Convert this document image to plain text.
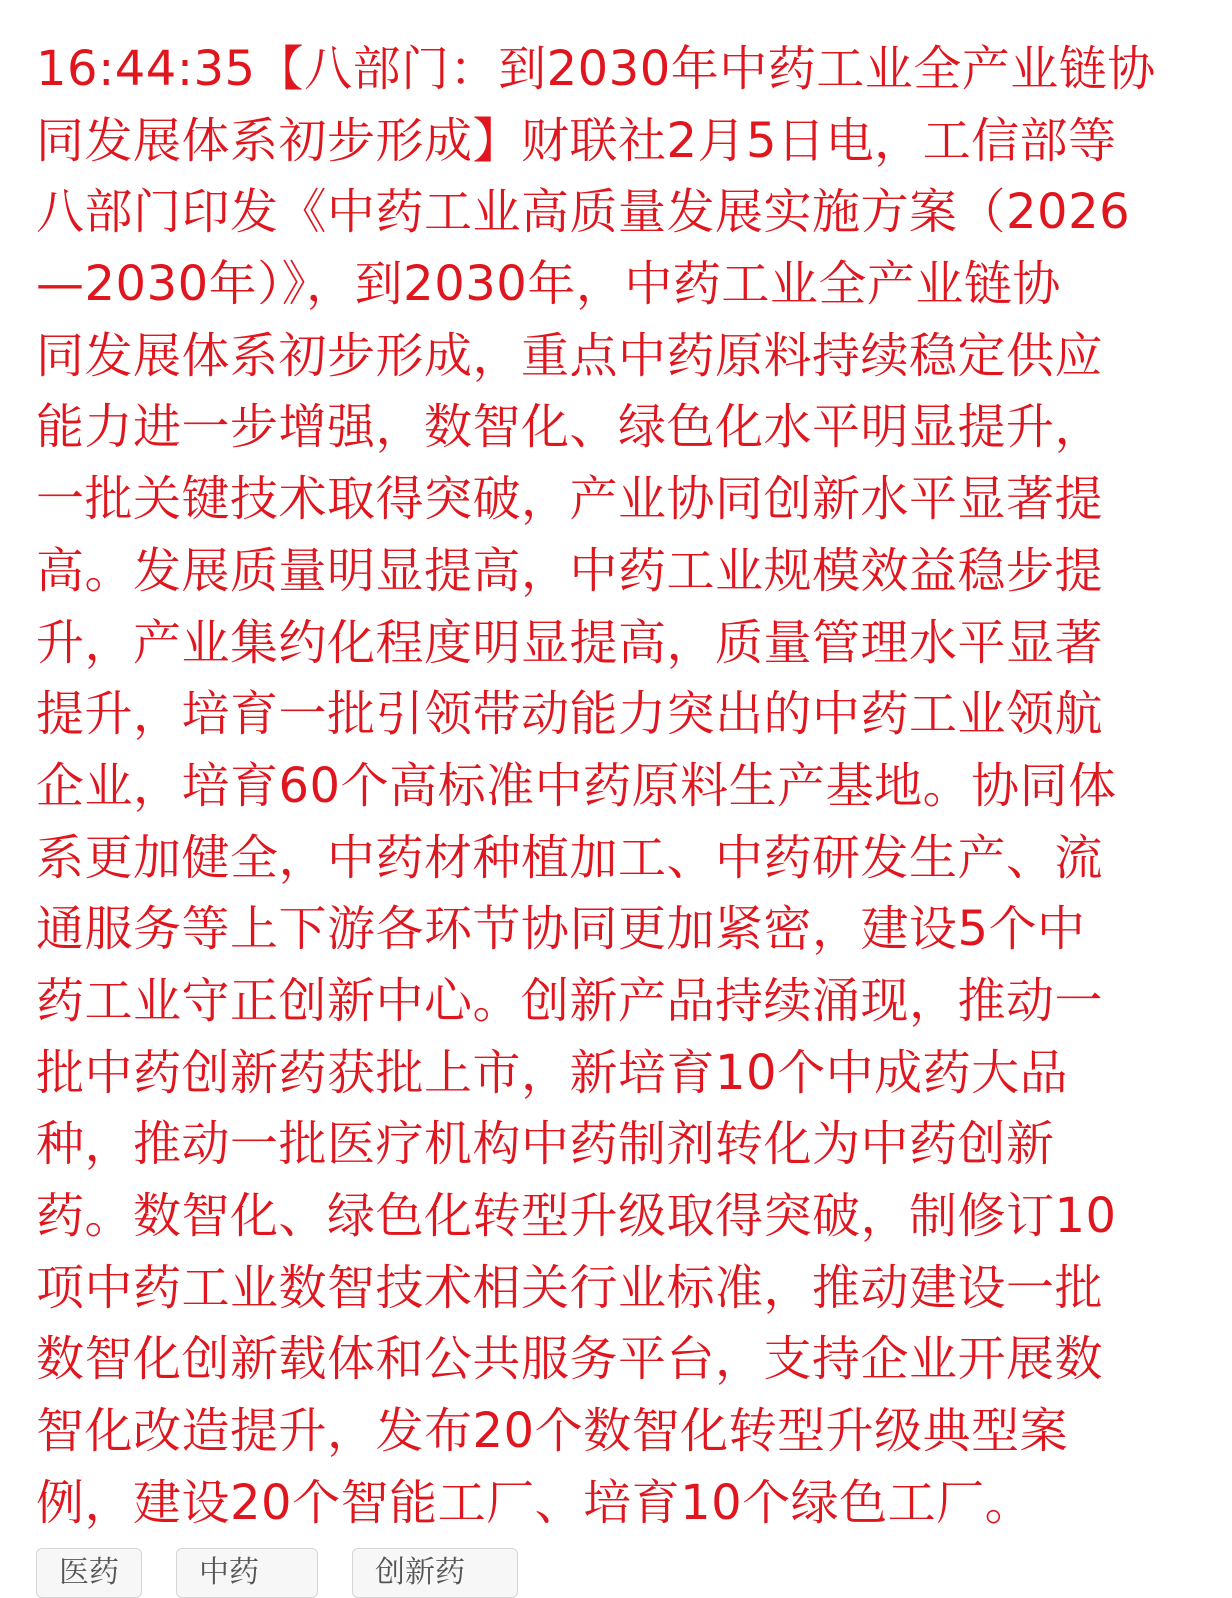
16:44:35【八部门：到2030年中药工业全产业链协
同发展体系初步形成】财联社2月5日电，工信部等
八部门印发《中药工业高质量发展实施方案（2026
—2030年）》，到2030年，中药工业全产业链协
同发展体系初步形成，重点中药原料持续稳定供应
能力进一步增强，数智化、绿色化水平明显提升，
一批关键技术取得突破，产业协同创新水平显著提
高。发展质量明显提高，中药工业规模效益稳步提
升，产业集约化程度明显提高，质量管理水平显著
提升，培育一批引领带动能力突出的中药工业领航
企业，培育60个高标准中药原料生产基地。协同体
系更加健全，中药材种植加工、中药研发生产、流
通服务等上下游各环节协同更加紧密，建设5个中
药工业守正创新中心。创新产品持续涌现，推动一
批中药创新药获批上市，新培育10个中成药大品
种，推动一批医疗机构中药制剂转化为中药创新
药。数智化、绿色化转型升级取得突破，制修订10
项中药工业数智技术相关行业标准，推动建设一批
数智化创新载体和公共服务平台，支持企业开展数
智化改造提升，发布20个数智化转型升级典型案
例，建设20个智能工厂、培育10个绿色工厂。
医药	中药	创新药
